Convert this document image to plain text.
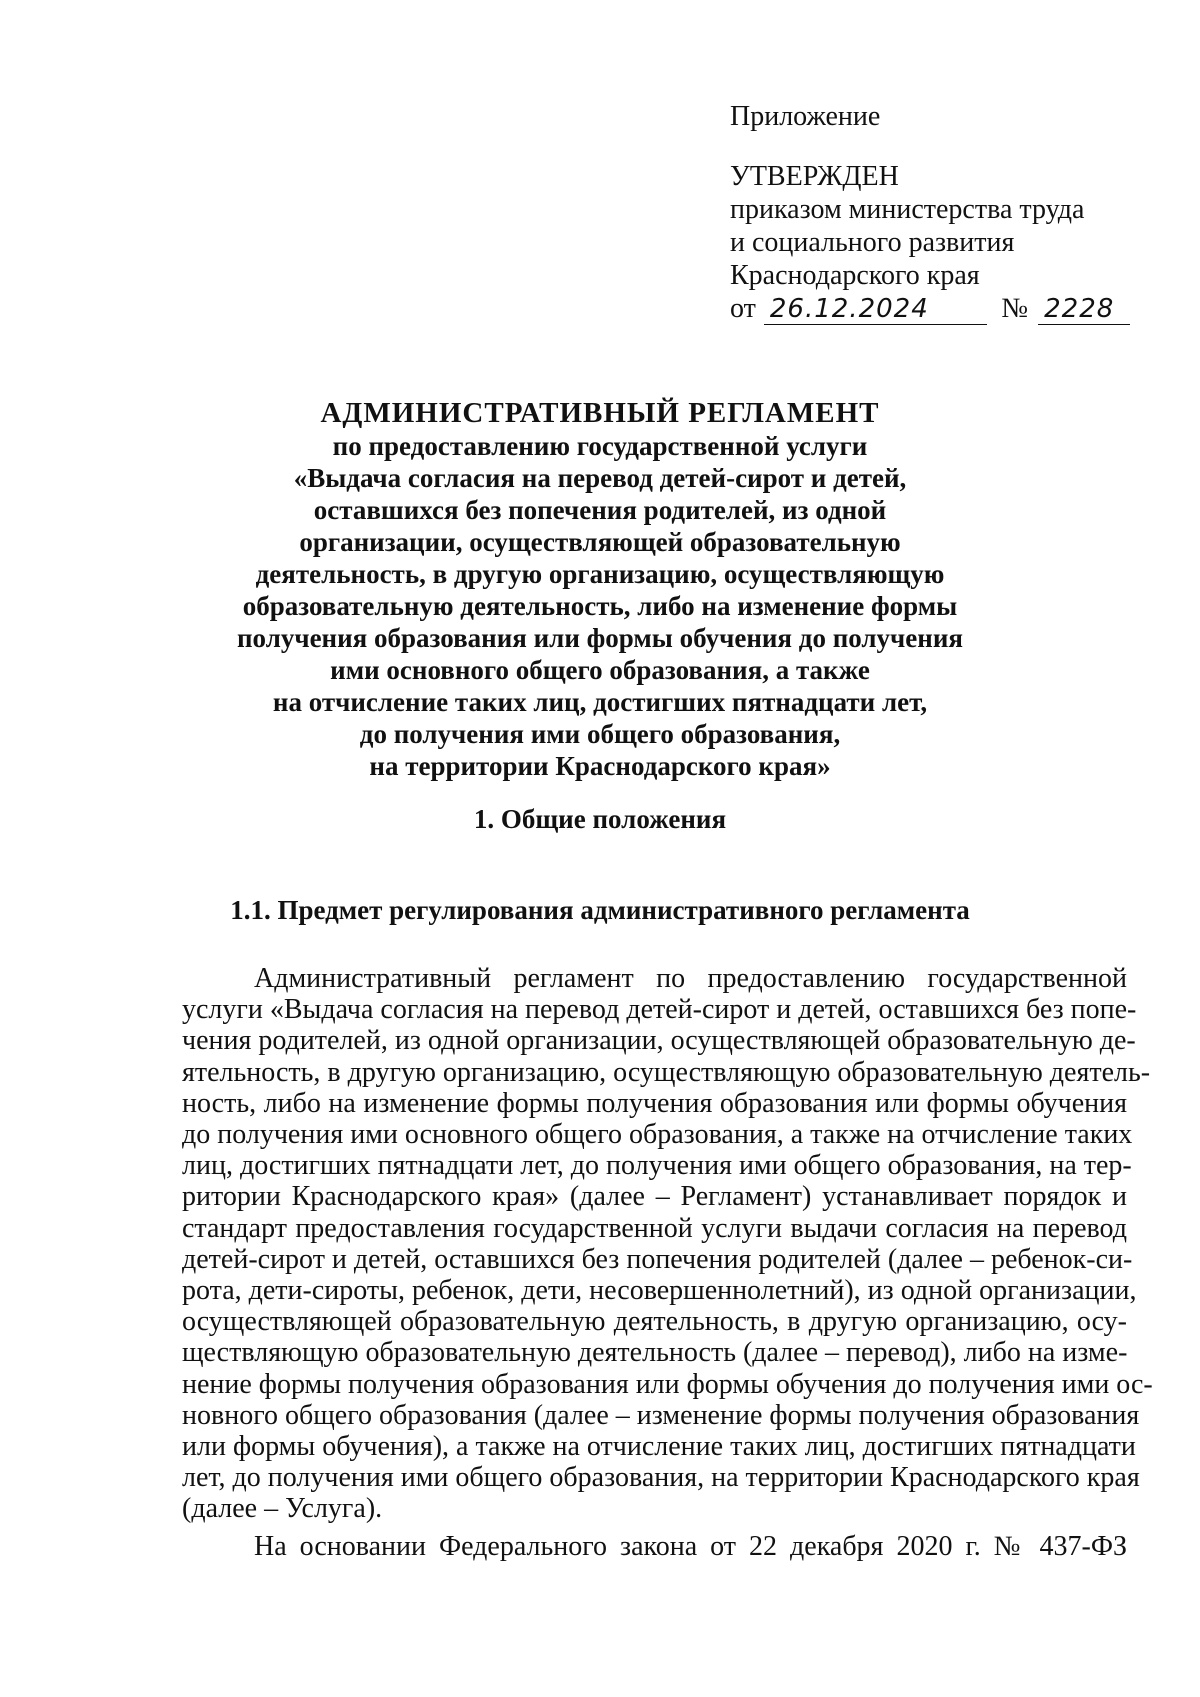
Приложение
УТВЕРЖДЕН
приказом министерства труда
и социального развития
Краснодарского края
от 26.12.2024	№ 2228
АДМИНИСТРАТИВНЫЙ РЕГЛАМЕНТ
по предоставлению государственной услуги
«Выдача согласия на перевод детей-сирот и детей,
оставшихся без попечения родителей, из одной
организации, осуществляющей образовательную
деятельность, в другую организацию, осуществляющую
образовательную деятельность, либо на изменение формы
получения образования или формы обучения до получения
ими основного общего образования, а также
на отчисление таких лиц, достигших пятнадцати лет,
до получения ими общего образования,
на территории Краснодарского края»
1. Общие положения
1.1. Предмет регулирования административного регламента
Административный регламент по предоставлению государственной
услуги «Выдача согласия на перевод детей-сирот и детей, оставшихся без попе-
чения родителей, из одной организации, осуществляющей образовательную де-
ятельность, в другую организацию, осуществляющую образовательную деятель-
ность, либо на изменение формы получения образования или формы обучения
до получения ими основного общего образования, а также на отчисление таких
лиц, достигших пятнадцати лет, до получения ими общего образования, на тер-
ритории Краснодарского края» (далее – Регламент) устанавливает порядок и
стандарт предоставления государственной услуги выдачи согласия на перевод
детей-сирот и детей, оставшихся без попечения родителей (далее – ребенок-си-
рота, дети-сироты, ребенок, дети, несовершеннолетний), из одной организации,
осуществляющей образовательную деятельность, в другую организацию, осу-
ществляющую образовательную деятельность (далее – перевод), либо на изме-
нение формы получения образования или формы обучения до получения ими ос-
новного общего образования (далее – изменение формы получения образования
или формы обучения), а также на отчисление таких лиц, достигших пятнадцати
лет, до получения ими общего образования, на территории Краснодарского края
(далее – Услуга).
На основании Федерального закона от 22 декабря 2020 г. № 437-ФЗ
